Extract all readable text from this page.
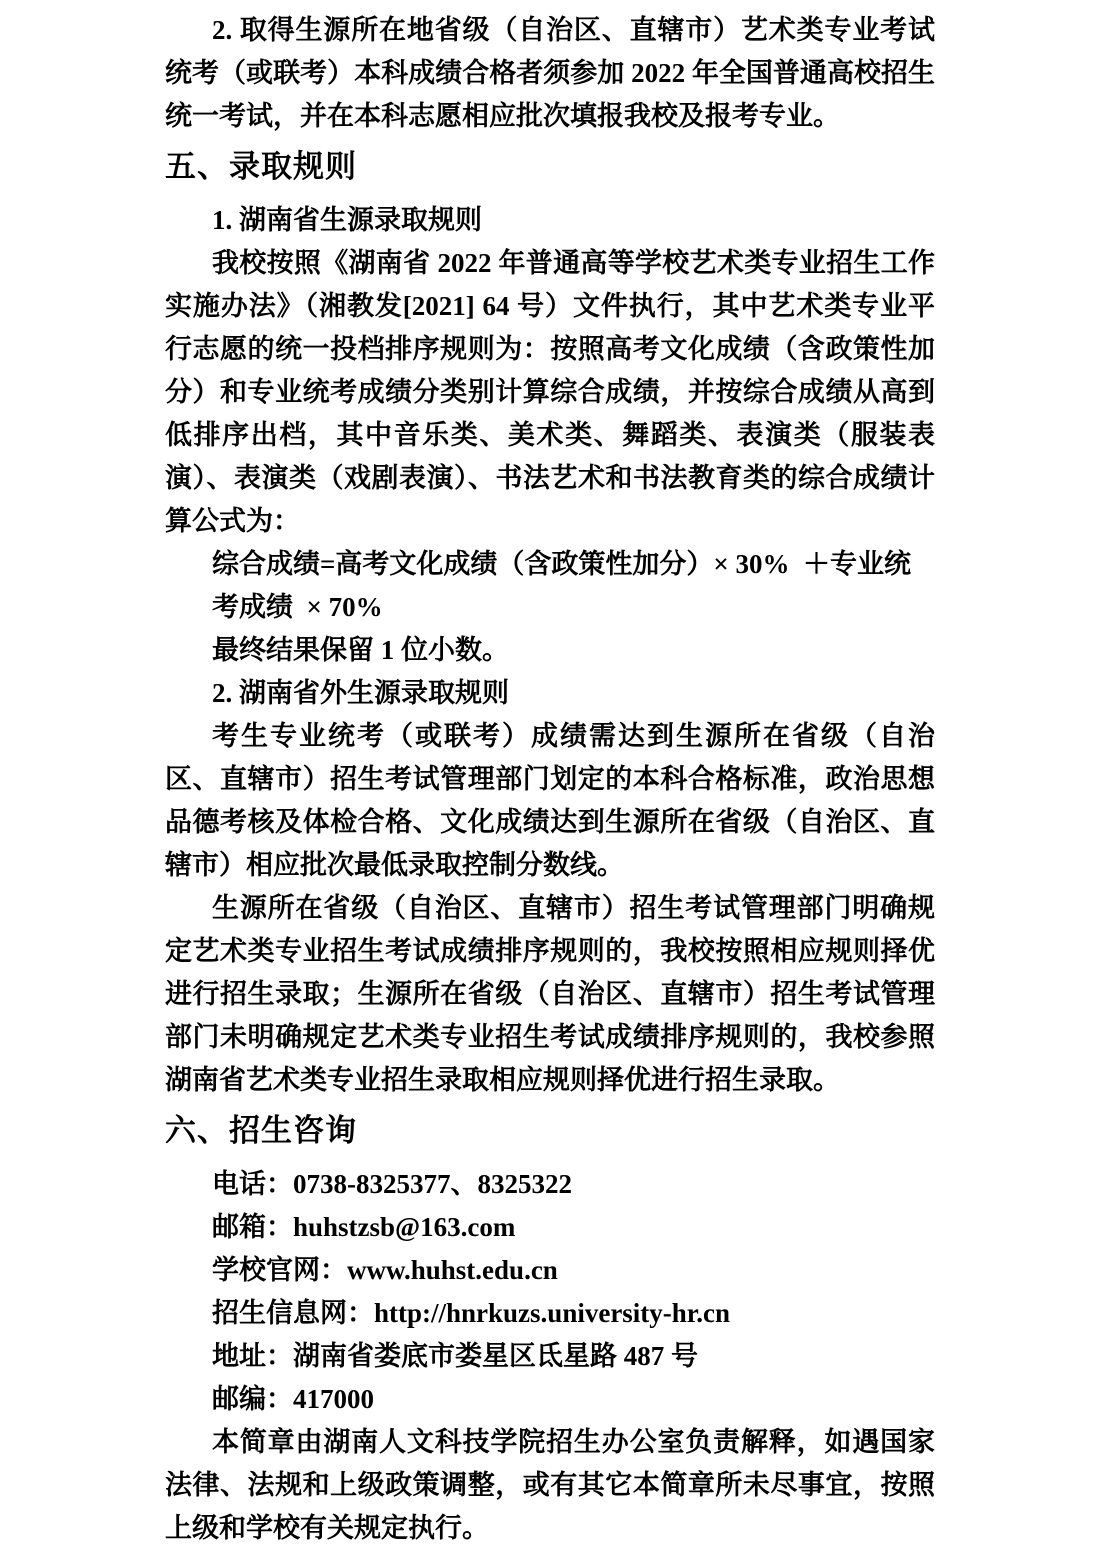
2. 取得生源所在地省级（自治区、直辖市）艺术类专业考试统考（或联考）本科成绩合格者须参加 2022 年全国普通高校招生统一考试，并在本科志愿相应批次填报我校及报考专业。

五、录取规则

1. 湖南省生源录取规则

我校按照《湖南省 2022 年普通高等学校艺术类专业招生工作实施办法》（湘教发[2021] 64 号）文件执行，其中艺术类专业平行志愿的统一投档排序规则为：按照高考文化成绩（含政策性加分）和专业统考成绩分类别计算综合成绩，并按综合成绩从高到低排序出档，其中音乐类、美术类、舞蹈类、表演类（服装表演）、表演类（戏剧表演）、书法艺术和书法教育类的综合成绩计算公式为：

综合成绩=高考文化成绩（含政策性加分）× 30%  ＋专业统考成绩  × 70%
最终结果保留 1 位小数。

2. 湖南省外生源录取规则

考生专业统考（或联考）成绩需达到生源所在省级（自治区、直辖市）招生考试管理部门划定的本科合格标准，政治思想品德考核及体检合格、文化成绩达到生源所在省级（自治区、直辖市）相应批次最低录取控制分数线。

生源所在省级（自治区、直辖市）招生考试管理部门明确规定艺术类专业招生考试成绩排序规则的，我校按照相应规则择优进行招生录取；生源所在省级（自治区、直辖市）招生考试管理部门未明确规定艺术类专业招生考试成绩排序规则的，我校参照湖南省艺术类专业招生录取相应规则择优进行招生录取。

六、招生咨询
电话：0738-8325377、8325322
邮箱：huhstzsb@163.com
学校官网：www.huhst.edu.cn
招生信息网：http://hnrkuzs.university-hr.cn
地址：湖南省娄底市娄星区氐星路 487 号
邮编：417000

本简章由湖南人文科技学院招生办公室负责解释，如遇国家法律、法规和上级政策调整，或有其它本简章所未尽事宜，按照上级和学校有关规定执行。
